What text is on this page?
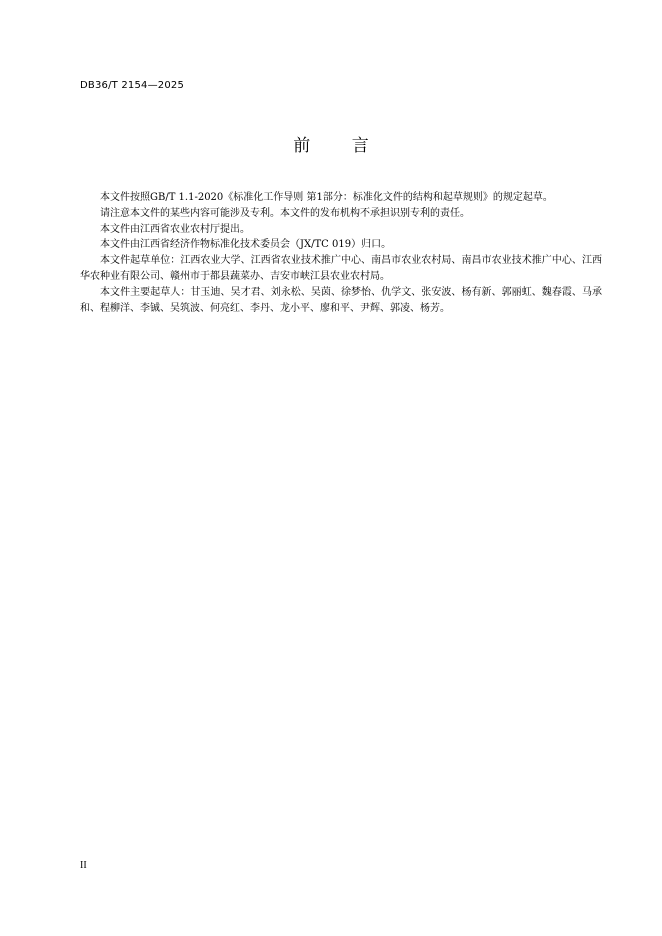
DB36/T 2154—2025
前 言

本文件按照GB/T 1.1-2020《标准化工作导则 第1部分：标准化文件的结构和起草规则》的规定起草。

请注意本文件的某些内容可能涉及专利。本文件的发布机构不承担识别专利的责任。

本文件由江西省农业农村厅提出。

本文件由江西省经济作物标准化技术委员会（JX/TC 019）归口。

本文件起草单位：江西农业大学、江西省农业技术推广中心、南昌市农业农村局、南昌市农业技术推广中心、江西华农种业有限公司、赣州市于都县蔬菜办、吉安市峡江县农业农村局。

本文件主要起草人：甘玉迪、吴才君、刘永松、吴茵、徐梦怡、仇学文、张安波、杨有新、郭丽虹、魏春霞、马承和、程柳洋、李铖、吴筑波、何亮红、李丹、龙小平、廖和平、尹辉、郭凌、杨芳。

II
